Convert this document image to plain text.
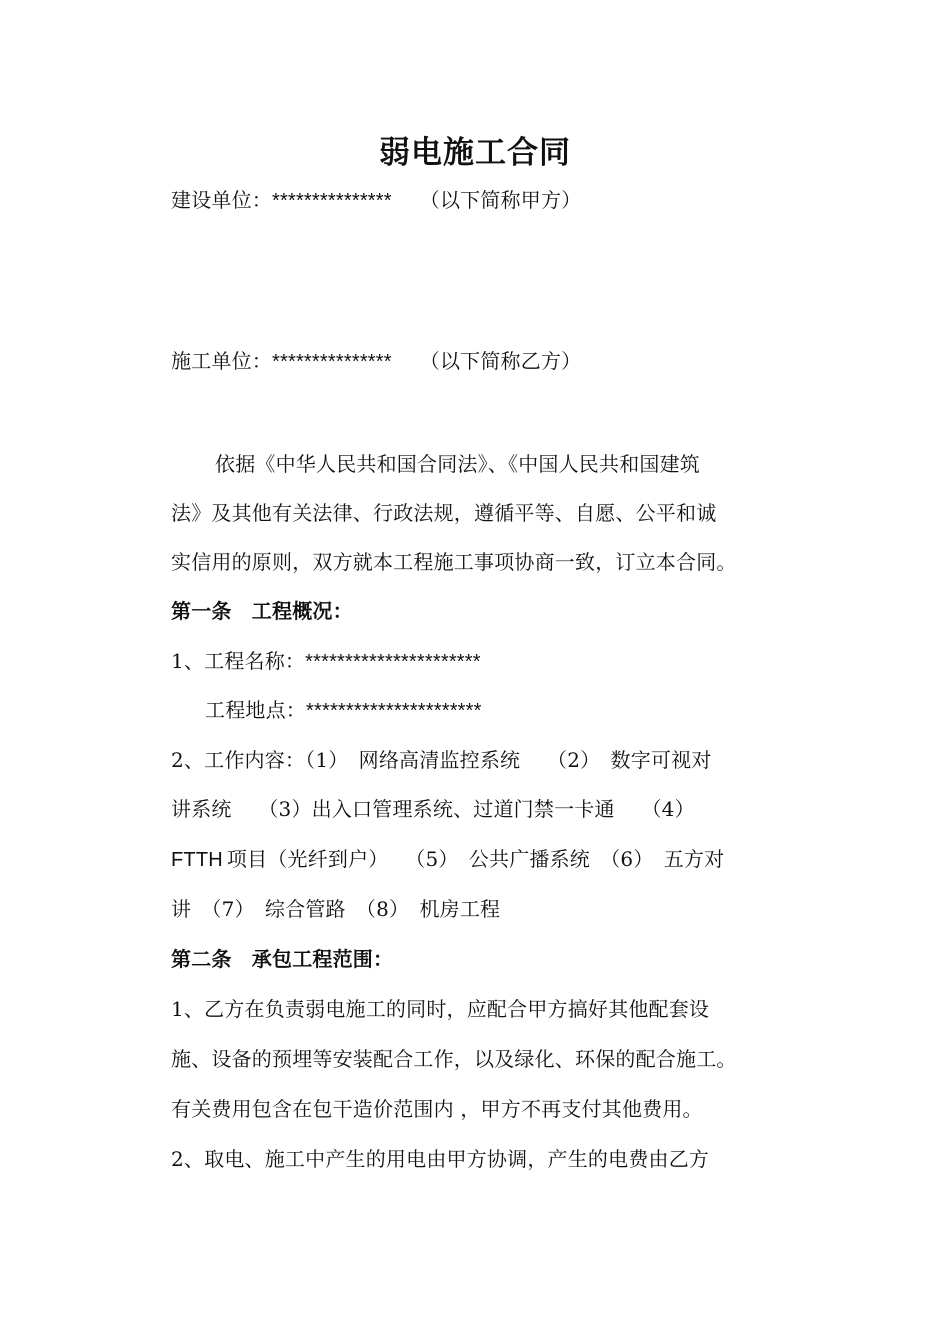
弱电施工合同
建设单位：*************** （以下简称甲方）
施工单位：*************** （以下简称乙方）
依据《中华人民共和国合同法》、《中国人民共和国建筑
法》及其他有关法律、行政法规，遵循平等、自愿、公平和诚
实信用的原则，双方就本工程施工事项协商一致，订立本合同。
第一条　工程概况：
1、工程名称：**********************
工程地点：**********************
2、工作内容：（1）　网络高清监控系统　 （2）　数字可视对
讲系统　 （3）出入口管理系统、过道门禁一卡通　 （4）
FTTH 项目（光纤到户）　 （5）　公共广播系统　（6）　五方对
讲　（7）　综合管路　（8）　机房工程
第二条　承包工程范围：
1、乙方在负责弱电施工的同时，应配合甲方搞好其他配套设
施、设备的预埋等安装配合工作，以及绿化、环保的配合施工。
有关费用包含在包干造价范围内 ，甲方不再支付其他费用。
2、取电、施工中产生的用电由甲方协调，产生的电费由乙方
